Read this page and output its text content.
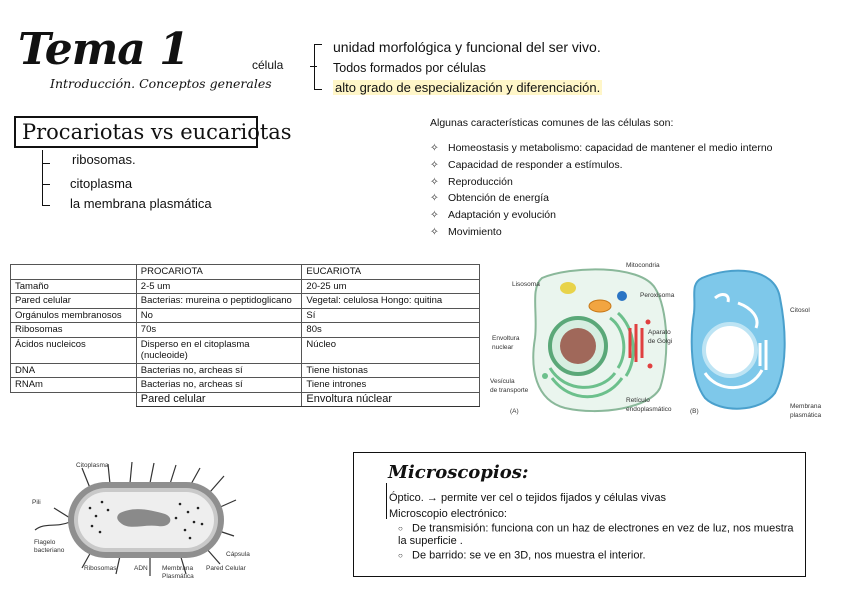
Tema 1
Introducción. Conceptos generales
célula
unidad morfológica y funcional del ser vivo.
Todos formados por células
alto grado de especialización y diferenciación.
Procariotas vs eucariotas
ribosomas.
citoplasma
la membrana plasmática
Algunas características comunes de las células son:
✧ Homeostasis y metabolismo: capacidad de mantener el medio interno
✧ Capacidad de responder a estímulos.
✧ Reproducción
✧ Obtención de energía
✧ Adaptación y evolución
✧ Movimiento
	PROCARIOTA	EUCARIOTA
Tamaño	2-5 um	20-25 um
Pared celular	Bacterias: mureina o peptidoglicano	Vegetal: celulosa Hongo: quitina
Orgánulos membranosos	No	Sí
Ribosomas	70s	80s
Ácidos nucleicos	Disperso en el citoplasma (nucleoide)	Núcleo
DNA	Bacterias no, archeas sí	Tiene histonas
RNAm	Bacterias no, archeas sí	Tiene intrones
	Pared celular	Envoltura núclear
Mitocondria
Lisosoma
Peroxisoma
Aparato
de Golgi
Envoltura
nuclear
Vesícula
de transporte
Retículo
endoplasmático
(A)
Citosol
(B)
Membrana
plasmática
Citoplasma
Pili
Flagelo
bacteriano
Ribosomas	ADN Membrana
Plasmática
Pared Celular
Cápsula
Microscopios:
Óptico. → permite ver cel o tejidos fijados y células vivas
Microscopio electrónico:
○ De transmisión: funciona con un haz de electrones en vez de luz, nos muestra la superficie .
○ De barrido: se ve en 3D, nos muestra el interior.
